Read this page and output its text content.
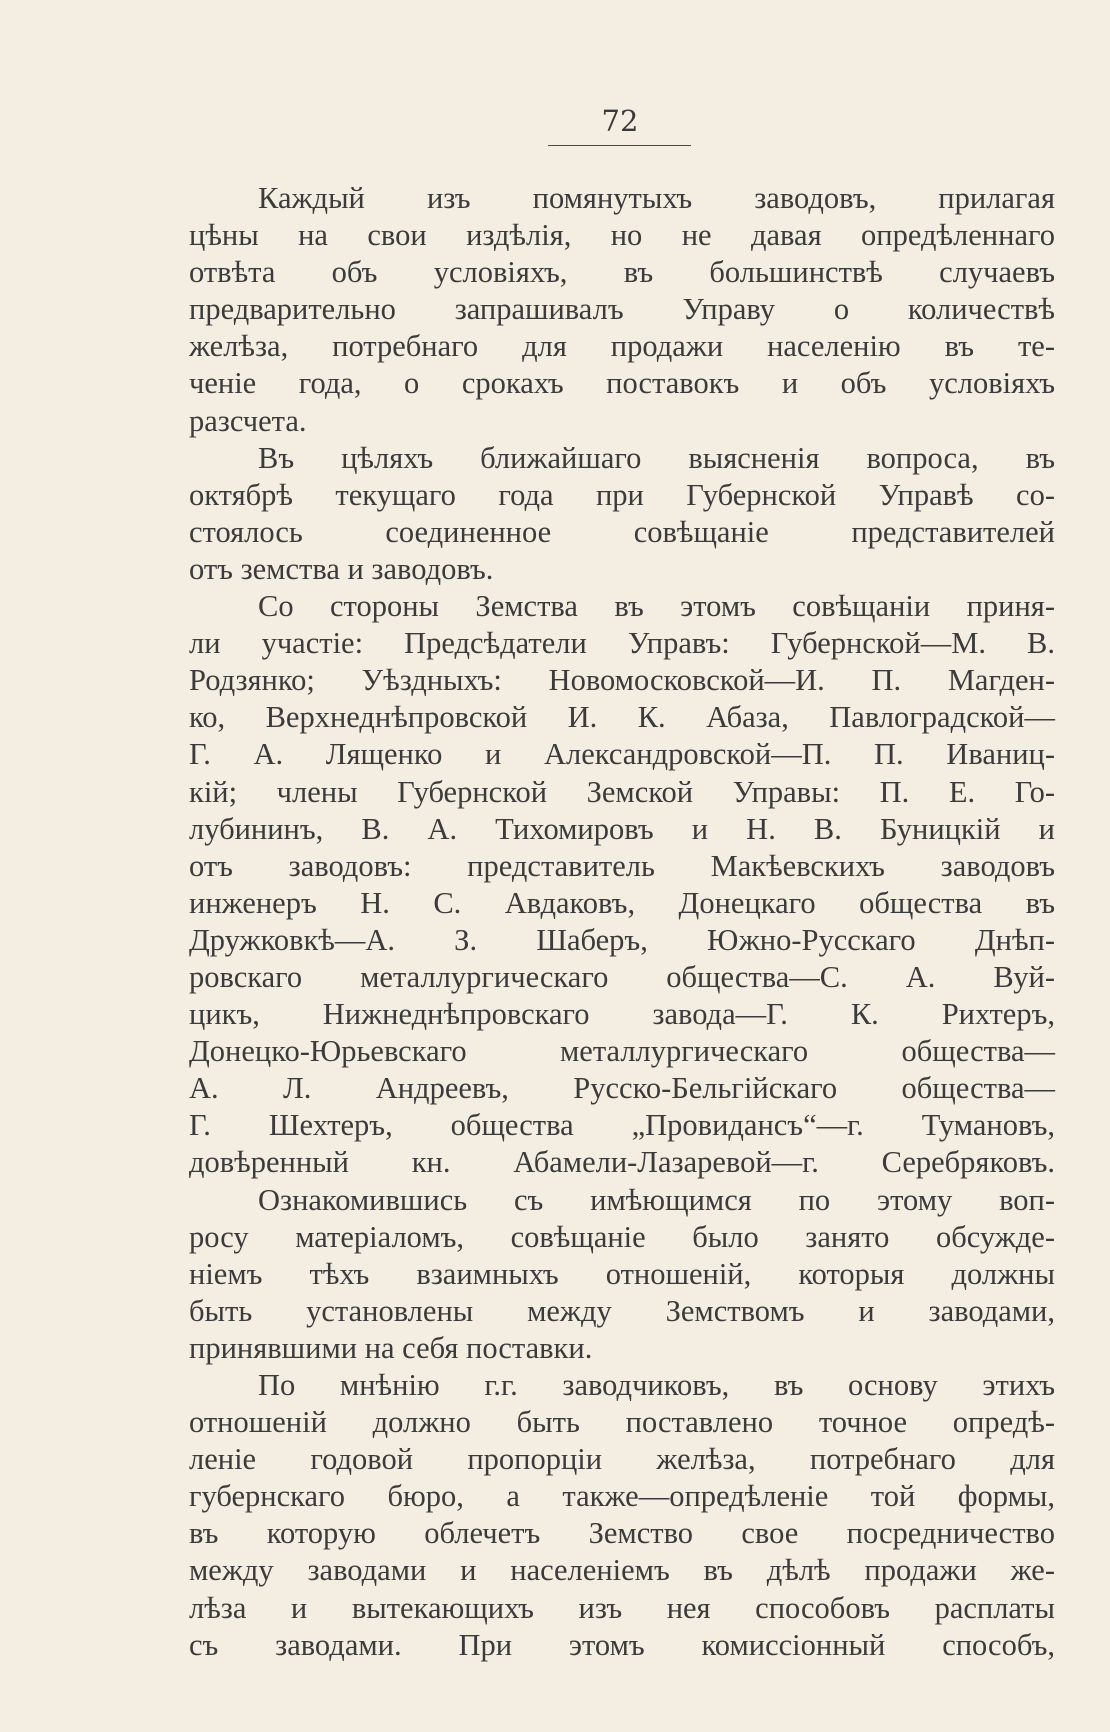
72
Каждый изъ помянутыхъ заводовъ, прилагая
цѣны на свои издѣлія, но не давая опредѣленнаго
отвѣта объ условіяхъ, въ большинствѣ случаевъ
предварительно запрашивалъ Управу о количествѣ
желѣза, потребнаго для продажи населенію въ те-
ченіе года, о срокахъ поставокъ и объ условіяхъ
разсчета.
Въ цѣляхъ ближайшаго выясненія вопроса, въ
октябрѣ текущаго года при Губернской Управѣ со-
стоялось соединенное совѣщаніе представителей
отъ земства и заводовъ.
Со стороны Земства въ этомъ совѣщаніи приня-
ли участіе: Предсѣдатели Управъ: Губернской—М. В.
Родзянко; Уѣздныхъ: Новомосковской—И. П. Магден-
ко, Верхнеднѣпровской И. К. Абаза, Павлоградской—
Г. А. Лященко и Александровской—П. П. Иваниц-
кій; члены Губернской Земской Управы: П. Е. Го-
лубининъ, В. А. Тихомировъ и Н. В. Буницкій и
отъ заводовъ: представитель Макѣевскихъ заводовъ
инженеръ Н. С. Авдаковъ, Донецкаго общества въ
Дружковкѣ—А. З. Шаберъ, Южно-Русскаго Днѣп-
ровскаго металлургическаго общества—С. А. Вуй-
цикъ, Нижнеднѣпровскаго завода—Г. К. Рихтеръ,
Донецко-Юрьевскаго металлургическаго общества—
А. Л. Андреевъ, Русско-Бельгійскаго общества—
Г. Шехтеръ, общества „Провидансъ“—г. Тумановъ,
довѣренный кн. Абамели-Лазаревой—г. Серебряковъ.
Ознакомившись съ имѣющимся по этому воп-
росу матеріаломъ, совѣщаніе было занято обсужде-
ніемъ тѣхъ взаимныхъ отношеній, которыя должны
быть установлены между Земствомъ и заводами,
принявшими на себя поставки.
По мнѣнію г.г. заводчиковъ, въ основу этихъ
отношеній должно быть поставлено точное опредѣ-
леніе годовой пропорціи желѣза, потребнаго для
губернскаго бюро, а также—опредѣленіе той формы,
въ которую облечетъ Земство свое посредничество
между заводами и населеніемъ въ дѣлѣ продажи же-
лѣза и вытекающихъ изъ нея способовъ расплаты
съ заводами. При этомъ комиссіонный способъ,
